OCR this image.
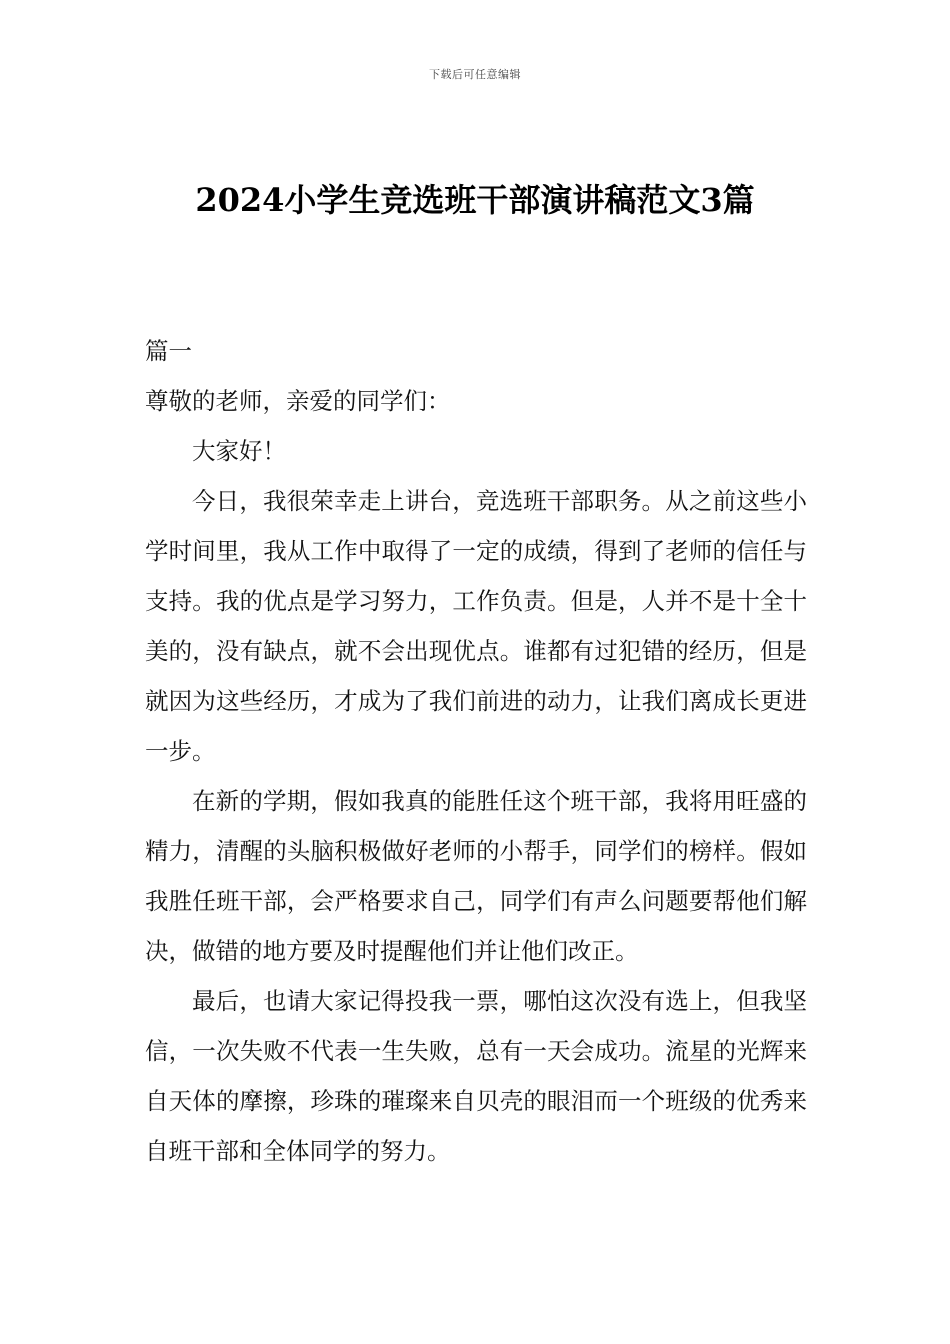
下载后可任意编辑
2024小学生竞选班干部演讲稿范文3篇

篇一

尊敬的老师，亲爱的同学们：

大家好！

今日，我很荣幸走上讲台，竞选班干部职务。从之前这些小学时间里，我从工作中取得了一定的成绩，得到了老师的信任与支持。我的优点是学习努力，工作负责。但是，人并不是十全十美的，没有缺点，就不会出现优点。谁都有过犯错的经历，但是就因为这些经历，才成为了我们前进的动力，让我们离成长更进一步。

在新的学期，假如我真的能胜任这个班干部，我将用旺盛的精力，清醒的头脑积极做好老师的小帮手，同学们的榜样。假如我胜任班干部，会严格要求自己，同学们有声么问题要帮他们解决，做错的地方要及时提醒他们并让他们改正。

最后，也请大家记得投我一票，哪怕这次没有选上，但我坚信，一次失败不代表一生失败，总有一天会成功。流星的光辉来自天体的摩擦，珍珠的璀璨来自贝壳的眼泪而一个班级的优秀来自班干部和全体同学的努力。
